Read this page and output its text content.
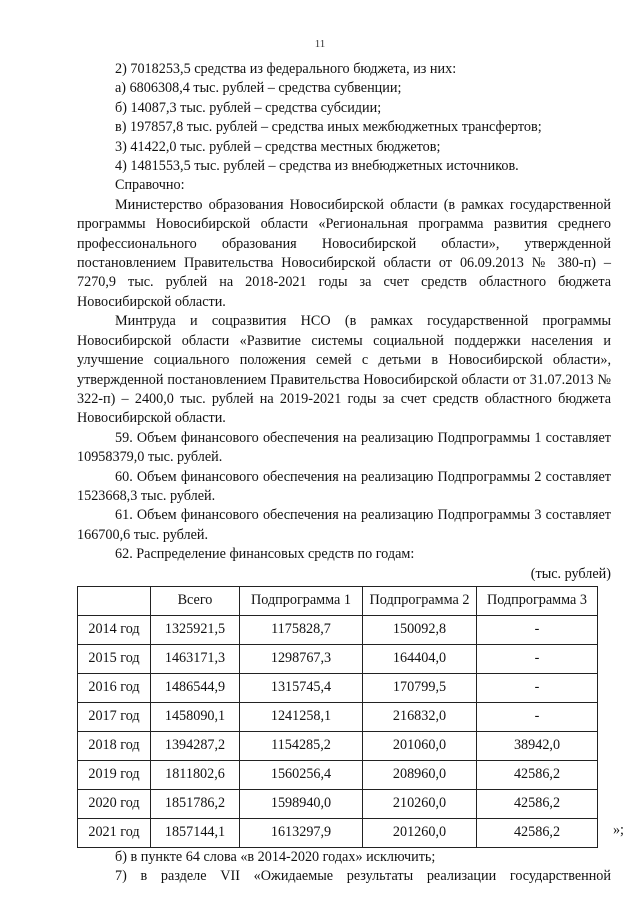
11

2) 7018253,5 средства из федерального бюджета, из них:

а) 6806308,4 тыс. рублей – средства субвенции;

б) 14087,3 тыс. рублей – средства субсидии;

в) 197857,8 тыс. рублей – средства иных межбюджетных трансфертов;

3) 41422,0 тыс. рублей – средства местных бюджетов;

4) 1481553,5 тыс. рублей – средства из внебюджетных источников.

Справочно:

Министерство образования Новосибирской области (в рамках государственной программы Новосибирской области «Региональная программа развития среднего профессионального образования Новосибирской области», утвержденной постановлением Правительства Новосибирской области от 06.09.2013 № 380-п) – 7270,9 тыс. рублей на 2018-2021 годы за счет средств областного бюджета Новосибирской области.

Минтруда и соцразвития НСО (в рамках государственной программы Новосибирской области «Развитие системы социальной поддержки населения и улучшение социального положения семей с детьми в Новосибирской области», утвержденной постановлением Правительства Новосибирской области от 31.07.2013 № 322-п) – 2400,0 тыс. рублей на 2019-2021 годы за счет средств областного бюджета Новосибирской области.

59. Объем финансового обеспечения на реализацию Подпрограммы 1 составляет 10958379,0 тыс. рублей.

60. Объем финансового обеспечения на реализацию Подпрограммы 2 составляет 1523668,3 тыс. рублей.

61. Объем финансового обеспечения на реализацию Подпрограммы 3 составляет 166700,6 тыс. рублей.

62. Распределение финансовых средств по годам:

(тыс. рублей)

	Всего	Подпрограмма 1	Подпрограмма 2	Подпрограмма 3
2014 год	1325921,5	1175828,7	150092,8	-
2015 год	1463171,3	1298767,3	164404,0	-
2016 год	1486544,9	1315745,4	170799,5	-
2017 год	1458090,1	1241258,1	216832,0	-
2018 год	1394287,2	1154285,2	201060,0	38942,0
2019 год	1811802,6	1560256,4	208960,0	42586,2
2020 год	1851786,2	1598940,0	210260,0	42586,2
2021 год	1857144,1	1613297,9	201260,0	42586,2	»;

б) в пункте 64 слова «в 2014-2020 годах» исключить;

7) в разделе VII «Ожидаемые результаты реализации государственной
